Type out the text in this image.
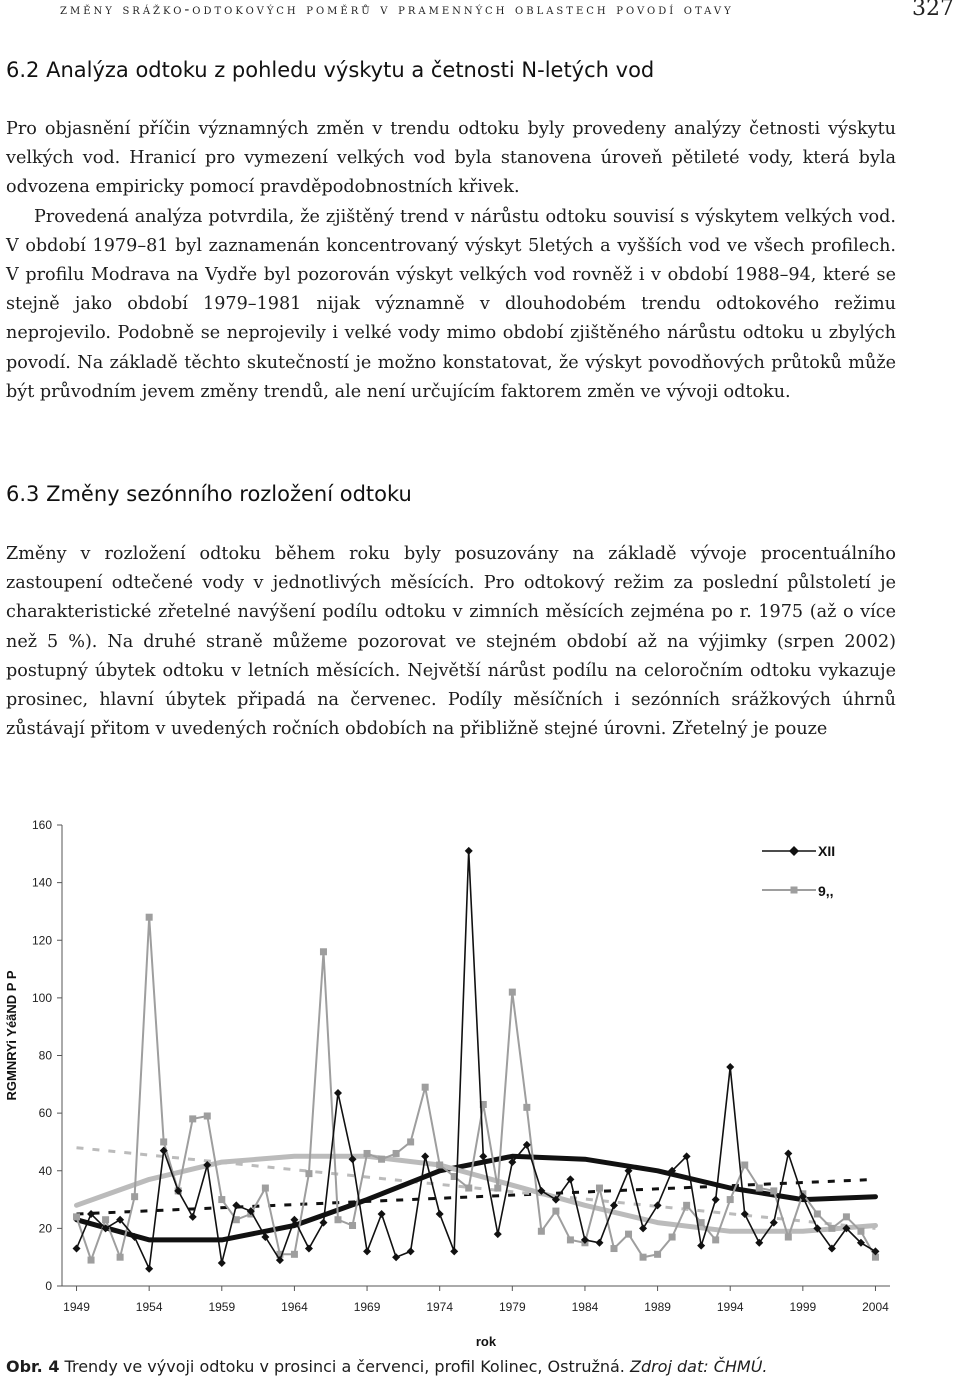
změny srážko-odtokových poměrů v pramenných oblastech povodí otavy	327
6.2 Analýza odtoku z pohledu výskytu a četnosti N-letých vod

Pro objasnění příčin významných změn v trendu odtoku byly provedeny analýzy četnosti výskytu velkých vod. Hranicí pro vymezení velkých vod byla stanovena úroveň pětileté vody, která byla odvozena empiricky pomocí pravděpodobnostních křivek.

Provedená analýza potvrdila, že zjištěný trend v nárůstu odtoku souvisí s výskytem velkých vod. V období 1979–81 byl zaznamenán koncentrovaný výskyt 5letých a vyšších vod ve všech profilech. V profilu Modrava na Vydře byl pozorován výskyt velkých vod rovněž i v období 1988–94, které se stejně jako období 1979–1981 nijak významně v dlouhodobém trendu odtokového režimu neprojevilo. Podobně se neprojevily i velké vody mimo období zjištěného nárůstu odtoku u zbylých povodí. Na základě těchto skutečností je možno konstatovat, že výskyt povodňových průtoků může být průvodním jevem změny trendů, ale není určujícím faktorem změn ve vývoji odtoku.

6.3 Změny sezónního rozložení odtoku

Změny v rozložení odtoku během roku byly posuzovány na základě vývoje procentuálního zastoupení odtečené vody v jednotlivých měsících. Pro odtokový režim za poslední půlstoletí je charakteristické zřetelné navýšení podílu odtoku v zimních měsících zejména po r. 1975 (až o více než 5 %). Na druhé straně můžeme pozorovat ve stejném období až na výjimky (srpen 2002) postupný úbytek odtoku v letních měsících. Největší nárůst podílu na celoročním odtoku vykazuje prosinec, hlavní úbytek připadá na červenec. Podíly měsíčních i sezónních srážkových úhrnů zůstávají přitom v uvedených ročních obdobích na přibližně stejné úrovni. Zřetelný je pouze

0
20
40
60
80
100
120
140
160
1949	1954	1959	1964	1969	1974	1979	1984	1989	1994	1999	2004
rok
RGMNRYi YéãND P P
XII
9,,
Obr. 4 Trendy ve vývoji odtoku v prosinci a červenci, profil Kolinec, Ostružná. Zdroj dat: ČHMÚ.
